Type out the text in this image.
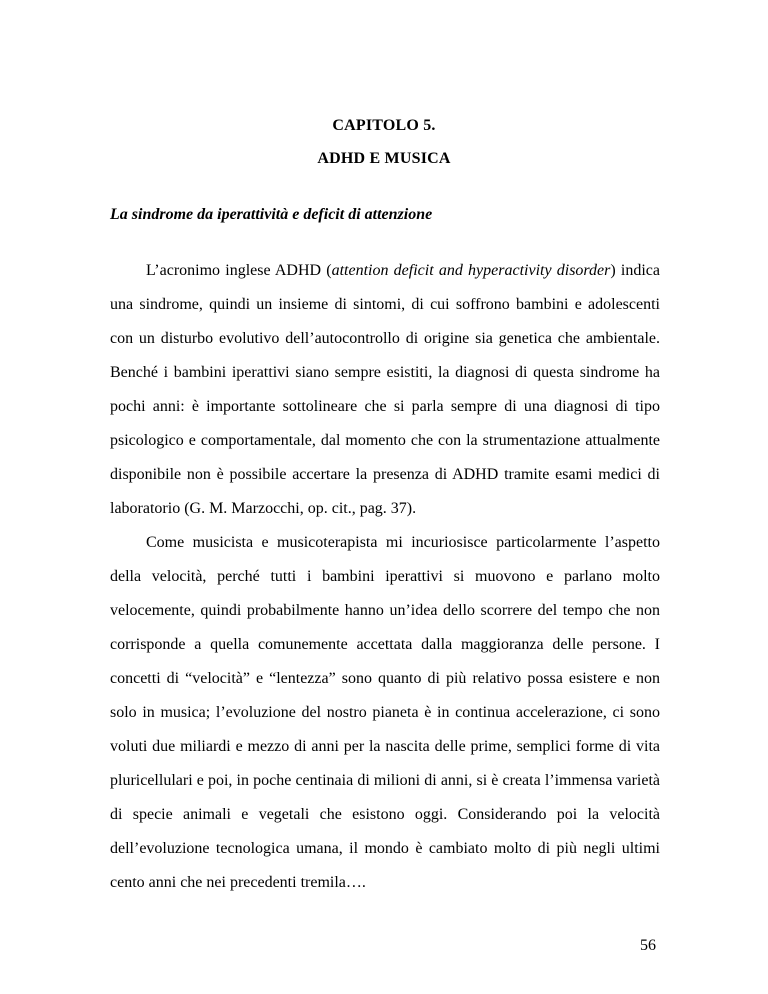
CAPITOLO 5.
ADHD E MUSICA
La sindrome da iperattività e deficit di attenzione

L’acronimo inglese ADHD (attention deficit and hyperactivity disorder) indica una sindrome, quindi un insieme di sintomi, di cui soffrono bambini e adolescenti con un disturbo evolutivo dell’autocontrollo di origine sia genetica che ambientale. Benché i bambini iperattivi siano sempre esistiti, la diagnosi di questa sindrome ha pochi anni: è importante sottolineare che si parla sempre di una diagnosi di tipo psicologico e comportamentale, dal momento che con la strumentazione attualmente disponibile non è possibile accertare la presenza di ADHD tramite esami medici di laboratorio (G. M. Marzocchi, op. cit., pag. 37).

Come musicista e musicoterapista mi incuriosisce particolarmente l’aspetto della velocità, perché tutti i bambini iperattivi si muovono e parlano molto velocemente, quindi probabilmente hanno un’idea dello scorrere del tempo che non corrisponde a quella comunemente accettata dalla maggioranza delle persone. I concetti di “velocità” e “lentezza” sono quanto di più relativo possa esistere e non solo in musica; l’evoluzione del nostro pianeta è in continua accelerazione, ci sono voluti due miliardi e mezzo di anni per la nascita delle prime, semplici forme di vita pluricellulari e poi, in poche centinaia di milioni di anni, si è creata l’immensa varietà di specie animali e vegetali che esistono oggi. Considerando poi la velocità dell’evoluzione tecnologica umana, il mondo è cambiato molto di più negli ultimi cento anni che nei precedenti tremila….

56
